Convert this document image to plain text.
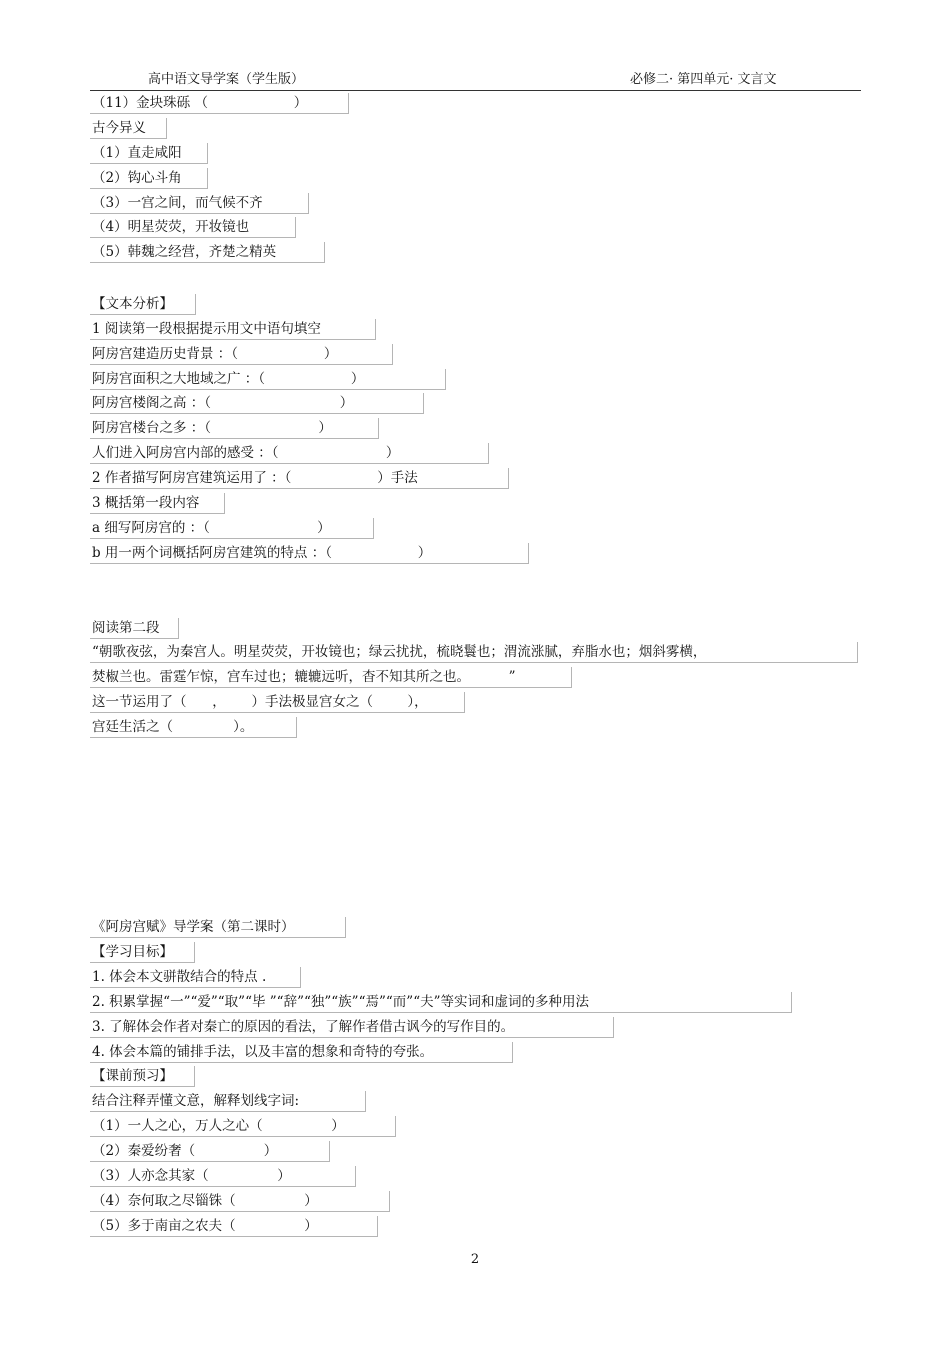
高中语文导学案（学生版）	必修二· 第四单元· 文言文
（11）金块珠砾 （                    ）
古今异义
（1）直走咸阳
（2）钩心斗角
（3）一宫之间，而气候不齐
（4）明星荧荧，开妆镜也
（5）韩魏之经营，齐楚之精英
【文本分析】
1 阅读第一段根据提示用文中语句填空
阿房宫建造历史背景 ：（                    ）
阿房宫面积之大地域之广 ：（                    ）
阿房宫楼阁之高 ：（                              ）
阿房宫楼台之多 ：（                         ）
人们进入阿房宫内部的感受 ：（                         ）
2 作者描写阿房宫建筑运用了 ：（                    ）手法
3 概括第一段内容
a 细写阿房宫的 ：（                         ）
b 用一两个词概括阿房宫建筑的特点 ：（                    ）
阅读第二段
“朝歌夜弦，为秦宫人。明星荧荧，开妆镜也；绿云扰扰，梳晓鬟也；渭流涨腻，弃脂水也；烟斜雾横，
焚椒兰也。雷霆乍惊，宫车过也；辘辘远听，杳不知其所之也。         ”
这一节运用了（      ，      ）手法极显宫女之（        ），
宫廷生活之（              ）。
《阿房宫赋》导学案（第二课时）
【学习目标】
1. 体会本文骈散结合的特点 .
2. 积累掌握“一”“爱”“取”“毕 ”“辞”“独”“族”“焉”“而”“夫”等实词和虚词的多种用法
3. 了解体会作者对秦亡的原因的看法，了解作者借古讽今的写作目的。
4. 体会本篇的铺排手法，以及丰富的想象和奇特的夸张。
【课前预习】
结合注释弄懂文意，解释划线字词:
（1）一人之心，万人之心（                ）
（2）秦爱纷奢（                ）
（3）人亦念其家（                ）
（4）奈何取之尽锱铢（                ）
（5）多于南亩之农夫（                ）
2
